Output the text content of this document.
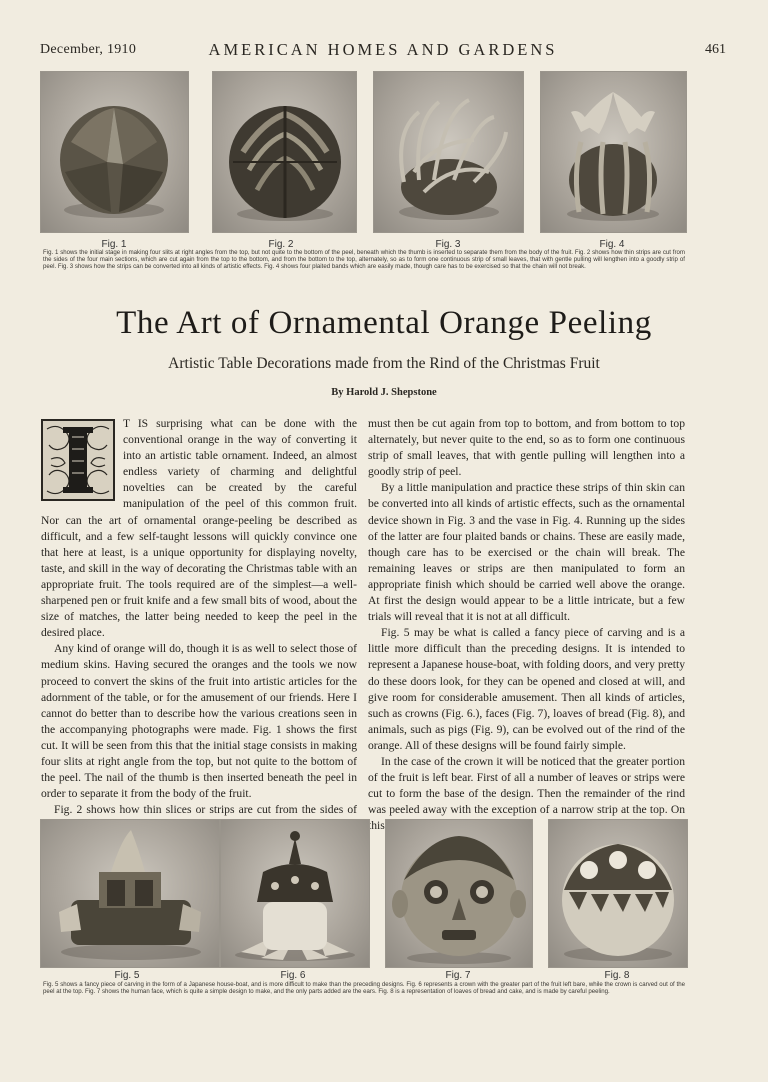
December, 1910	AMERICAN HOMES AND GARDENS	461
Fig. 1	Fig. 2	Fig. 3	Fig. 4
Fig. 1 shows the initial stage in making four slits at right angles from the top, but not quite to the bottom of the peel, beneath which the thumb is inserted to separate them from the body of the fruit. Fig. 2 shows how thin strips are cut from the sides of the four main sections, which are cut again from the top to the bottom, and from the bottom to the top, alternately, so as to form one continuous strip of small leaves, that with gentle pulling will lengthen into a goodly strip of peel. Fig. 3 shows how the strips can be converted into all kinds of artistic effects. Fig. 4 shows four plaited bands which are easily made, though care has to be exercised so that the chain will not break.
The Art of Ornamental Orange Peeling
Artistic Table Decorations made from the Rind of the Christmas Fruit
By Harold J. Shepstone

T IS surprising what can be done with the conventional orange in the way of converting it into an artistic table ornament. Indeed, an almost endless variety of charming and delightful novelties can be created by the careful manipulation of the peel of this common fruit. Nor can the art of ornamental orange-peeling be described as difficult, and a few self-taught lessons will quickly convince one that here at least, is a unique opportunity for displaying novelty, taste, and skill in the way of decorating the Christmas table with an appropriate fruit. The tools required are of the simplest—a well-sharpened pen or fruit knife and a few small bits of wood, about the size of matches, the latter being needed to keep the peel in the desired place.

Any kind of orange will do, though it is as well to select those of medium skins. Having secured the oranges and the tools we now proceed to convert the skins of the fruit into artistic articles for the adornment of the table, or for the amusement of our friends. Here I cannot do better than to describe how the various creations seen in the accompanying photographs were made. Fig. 1 shows the first cut. It will be seen from this that the initial stage consists in making four slits at right angle from the top, but not quite to the bottom of the peel. The nail of the thumb is then inserted beneath the peel in order to separate it from the body of the fruit.

Fig. 2 shows how thin slices or strips are cut from the sides of

must then be cut again from top to bottom, and from bottom to top alternately, but never quite to the end, so as to form one continuous strip of small leaves, that with gentle pulling will lengthen into a goodly strip of peel.

By a little manipulation and practice these strips of thin skin can be converted into all kinds of artistic effects, such as the ornamental device shown in Fig. 3 and the vase in Fig. 4. Running up the sides of the latter are four plaited bands or chains. These are easily made, though care has to be exercised or the chain will break. The remaining leaves or strips are then manipulated to form an appropriate finish which should be carried well above the orange. At first the design would appear to be a little intricate, but a few trials will reveal that it is not at all difficult.

Fig. 5 may be what is called a fancy piece of carving and is a little more difficult than the preceding designs. It is intended to represent a Japanese house-boat, with folding doors, and very pretty do these doors look, for they can be opened and closed at will, and give room for considerable amusement. Then all kinds of articles, such as crowns (Fig. 6.), faces (Fig. 7), loaves of bread (Fig. 8), and animals, such as pigs (Fig. 9), can be evolved out of the rind of the orange. All of these designs will be found fairly simple.

In the case of the crown it will be noticed that the greater portion of the fruit is left bear. First of all a number of leaves or strips were cut to form the base of the design. Then the remainder of the rind was peeled away with the exception of a narrow strip at the top. On this

Fig. 5	Fig. 6	Fig. 7	Fig. 8
Fig. 5 shows a fancy piece of carving in the form of a Japanese house-boat, and is more difficult to make than the preceding designs. Fig. 6 represents a crown with the greater part of the fruit left bare, while the crown is carved out of the peel at the top. Fig. 7 shows the human face, which is quite a simple design to make, and the only parts added are the ears. Fig. 8 is a representation of loaves of bread and cake, and is made by careful peeling.
